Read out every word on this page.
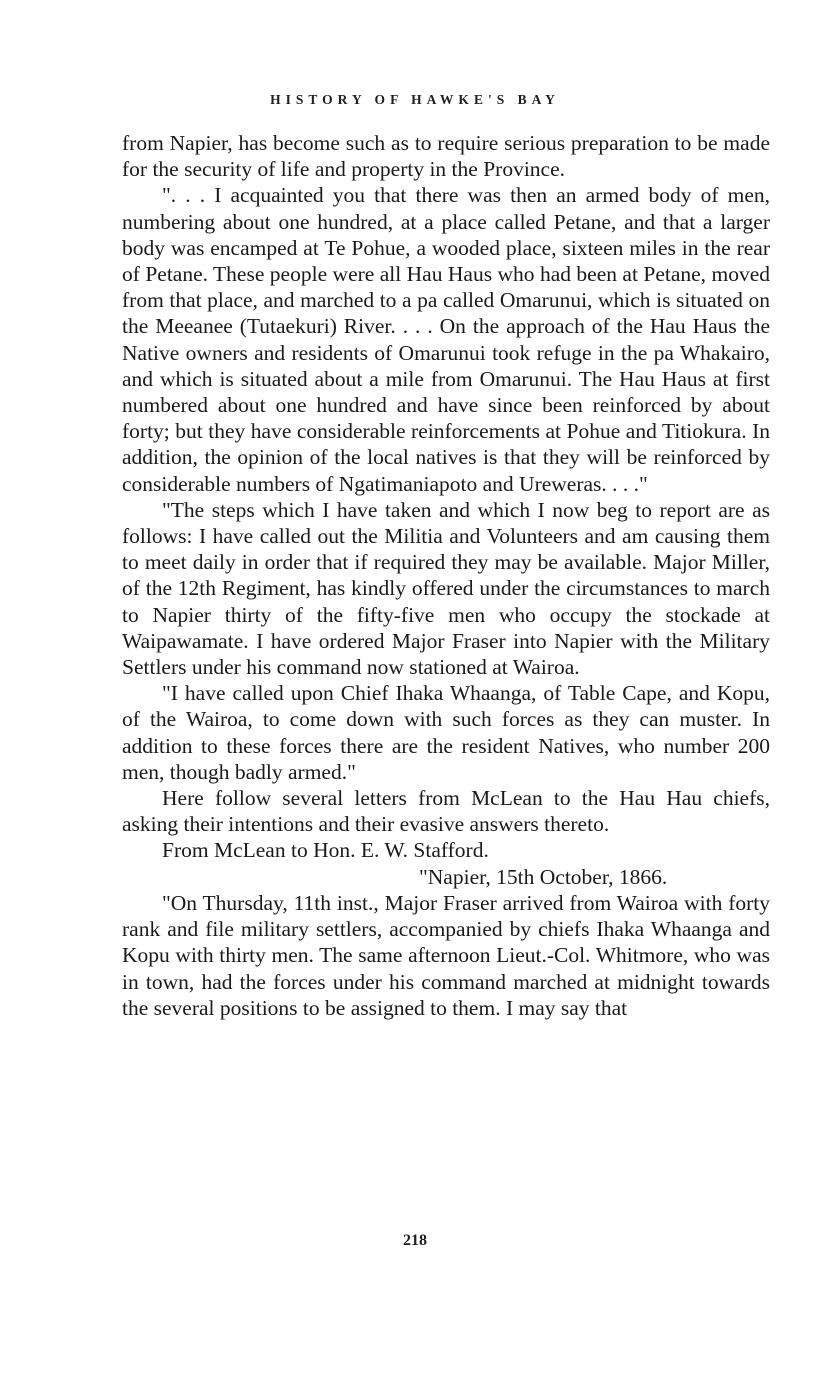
HISTORY OF HAWKE'S BAY

from Napier, has become such as to require serious preparation to be made for the security of life and property in the Province.

". . . I acquainted you that there was then an armed body of men, numbering about one hundred, at a place called Petane, and that a larger body was encamped at Te Pohue, a wooded place, sixteen miles in the rear of Petane. These people were all Hau Haus who had been at Petane, moved from that place, and marched to a pa called Omarunui, which is situated on the Meeanee (Tutaekuri) River. . . . On the approach of the Hau Haus the Native owners and residents of Omarunui took refuge in the pa Whakairo, and which is situated about a mile from Omarunui. The Hau Haus at first numbered about one hundred and have since been reinforced by about forty; but they have considerable reinforcements at Pohue and Titiokura. In addition, the opinion of the local natives is that they will be reinforced by considerable numbers of Ngatimaniapoto and Ureweras. . . ."

"The steps which I have taken and which I now beg to report are as follows: I have called out the Militia and Volunteers and am causing them to meet daily in order that if required they may be available. Major Miller, of the 12th Regiment, has kindly offered under the circumstances to march to Napier thirty of the fifty-five men who occupy the stockade at Waipawamate. I have ordered Major Fraser into Napier with the Military Settlers under his command now stationed at Wairoa.

"I have called upon Chief Ihaka Whaanga, of Table Cape, and Kopu, of the Wairoa, to come down with such forces as they can muster. In addition to these forces there are the resident Natives, who number 200 men, though badly armed."

Here follow several letters from McLean to the Hau Hau chiefs, asking their intentions and their evasive answers thereto.

From McLean to Hon. E. W. Stafford.

"Napier, 15th October, 1866.

"On Thursday, 11th inst., Major Fraser arrived from Wairoa with forty rank and file military settlers, accompanied by chiefs Ihaka Whaanga and Kopu with thirty men. The same afternoon Lieut.-Col. Whitmore, who was in town, had the forces under his command marched at midnight towards the several positions to be assigned to them. I may say that

218
